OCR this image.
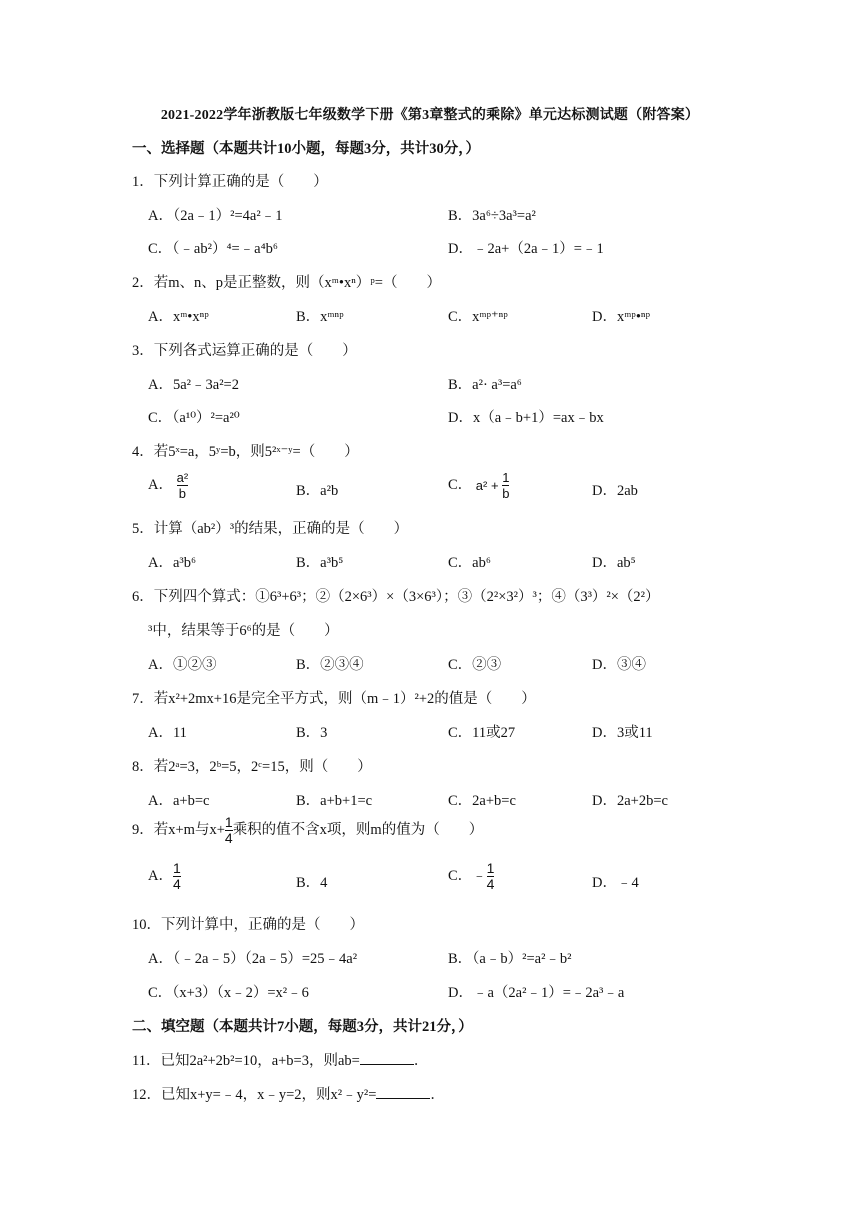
2021-2022学年浙教版七年级数学下册《第3章整式的乘除》单元达标测试题（附答案）
一、选择题（本题共计10小题，每题3分，共计30分，）
1．下列计算正确的是（　　）
A．（2a﹣1）²=4a²﹣1	B．3a⁶÷3a³=a²
C．（﹣ab²）⁴=﹣a⁴b⁶	D．﹣2a+（2a﹣1）=﹣1
2．若m、n、p是正整数，则（xᵐ•xⁿ）ᵖ=（　　）
A．xᵐ•xⁿᵖ	B．xᵐⁿᵖ	C．xᵐᵖ⁺ⁿᵖ	D．xᵐᵖ•ⁿᵖ
3．下列各式运算正确的是（　　）
A．5a²﹣3a²=2	B．a²· a³=a⁶
C．（a¹⁰）²=a²⁰	D．x（a﹣b+1）=ax﹣bx
4．若5ˣ=a，5ʸ=b，则5²ˣ⁻ʸ=（　　）
A． $\frac{\text{a²}}{b}$	B．a²b	C． $a^2 + \frac{1}{b}$	D．2ab
5．计算（ab²）³的结果，正确的是（　　）
A．a³b⁶	B．a³b⁵	C．ab⁶	D．ab⁵
6．下列四个算式：①6³+6³；②（2×6³）×（3×6³）；③（2²×3²）³；④（3³）²×（2²）
³中，结果等于6⁶的是（　　）
A．①②③	B．②③④	C．②③	D．③④
7．若x²+2mx+16是完全平方式，则（m﹣1）²+2的值是（　　）
A．11	B．3	C．11或27	D．3或11
8．若2ᵃ=3，2ᵇ=5，2ᶜ=15，则（　　）
A．a+b=c	B．a+b+1=c	C．2a+b=c	D．2a+2b=c
9．若x+m与$x+\frac{1}{4}$乘积的值不含x项，则m的值为（　　）
A．$\frac{1}{4}$	B．4	C．$﹣\frac{1}{4}$	D．﹣4
10．下列计算中，正确的是（　　）
A．（﹣2a﹣5）（2a﹣5）=25﹣4a²	B．（a﹣b）²=a²﹣b²
C．（x+3）（x﹣2）=x²﹣6	D．﹣a（2a²﹣1）=﹣2a³﹣a
二、填空题（本题共计7小题，每题3分，共计21分，）
11．已知2a²+2b²=10，a+b=3，则ab=	．
12．已知x+y=﹣4，x﹣y=2，则x²﹣y²=	．
